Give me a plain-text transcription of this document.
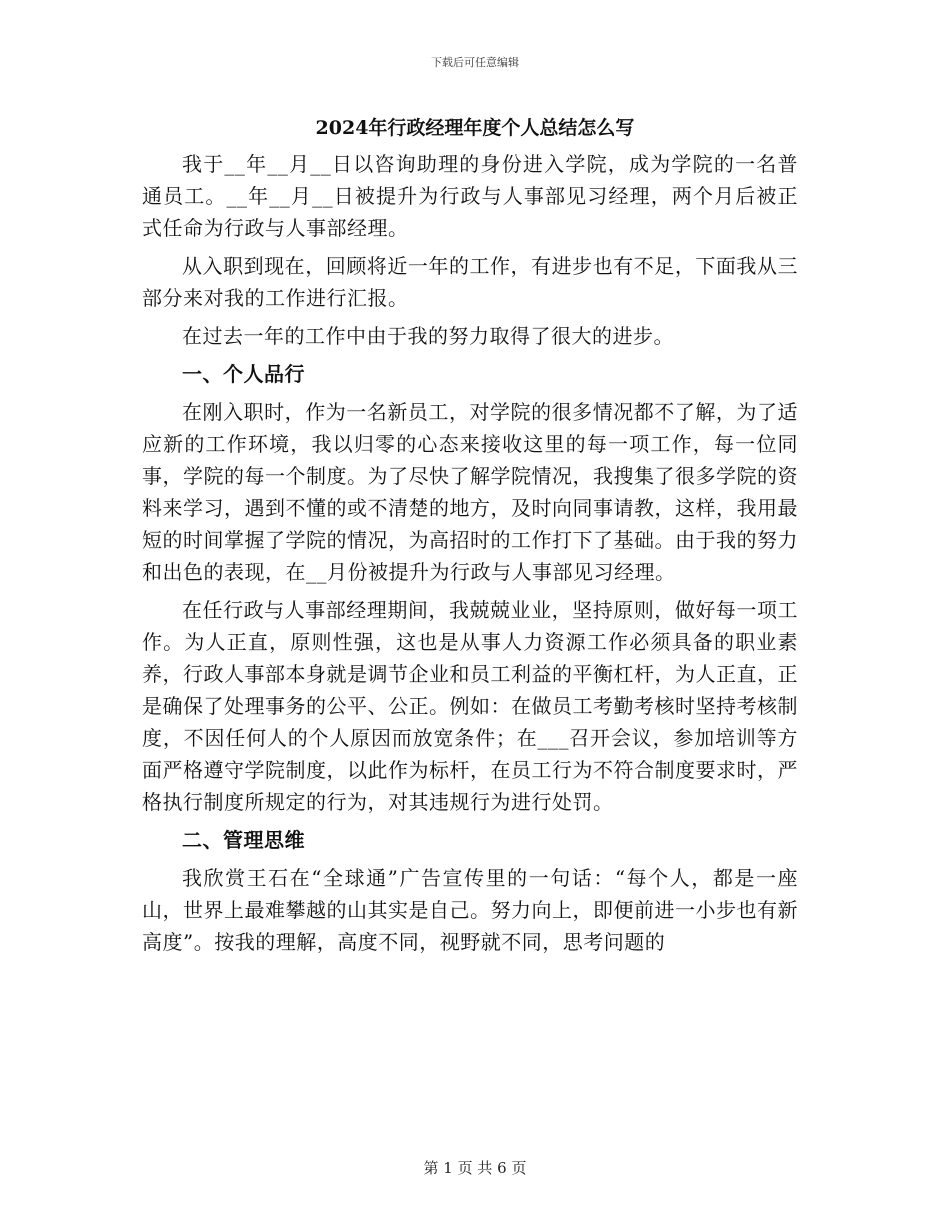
下载后可任意编辑
2024年行政经理年度个人总结怎么写

我于__年__月__日以咨询助理的身份进入学院，成为学院的一名普通员工。__年__月__日被提升为行政与人事部见习经理，两个月后被正式任命为行政与人事部经理。

从入职到现在，回顾将近一年的工作，有进步也有不足，下面我从三部分来对我的工作进行汇报。

在过去一年的工作中由于我的努力取得了很大的进步。

一、个人品行

在刚入职时，作为一名新员工，对学院的很多情况都不了解，为了适应新的工作环境，我以归零的心态来接收这里的每一项工作，每一位同事，学院的每一个制度。为了尽快了解学院情况，我搜集了很多学院的资料来学习，遇到不懂的或不清楚的地方，及时向同事请教，这样，我用最短的时间掌握了学院的情况，为高招时的工作打下了基础。由于我的努力和出色的表现，在__月份被提升为行政与人事部见习经理。

在任行政与人事部经理期间，我兢兢业业，坚持原则，做好每一项工作。为人正直，原则性强，这也是从事人力资源工作必须具备的职业素养，行政人事部本身就是调节企业和员工利益的平衡杠杆，为人正直，正是确保了处理事务的公平、公正。例如：在做员工考勤考核时坚持考核制度，不因任何人的个人原因而放宽条件；在___召开会议，参加培训等方面严格遵守学院制度，以此作为标杆，在员工行为不符合制度要求时，严格执行制度所规定的行为，对其违规行为进行处罚。

二、管理思维

我欣赏王石在“全球通”广告宣传里的一句话：“每个人，都是一座山，世界上最难攀越的山其实是自己。努力向上，即便前进一小步也有新高度”。按我的理解，高度不同，视野就不同，思考问题的

第 1 页 共 6 页
